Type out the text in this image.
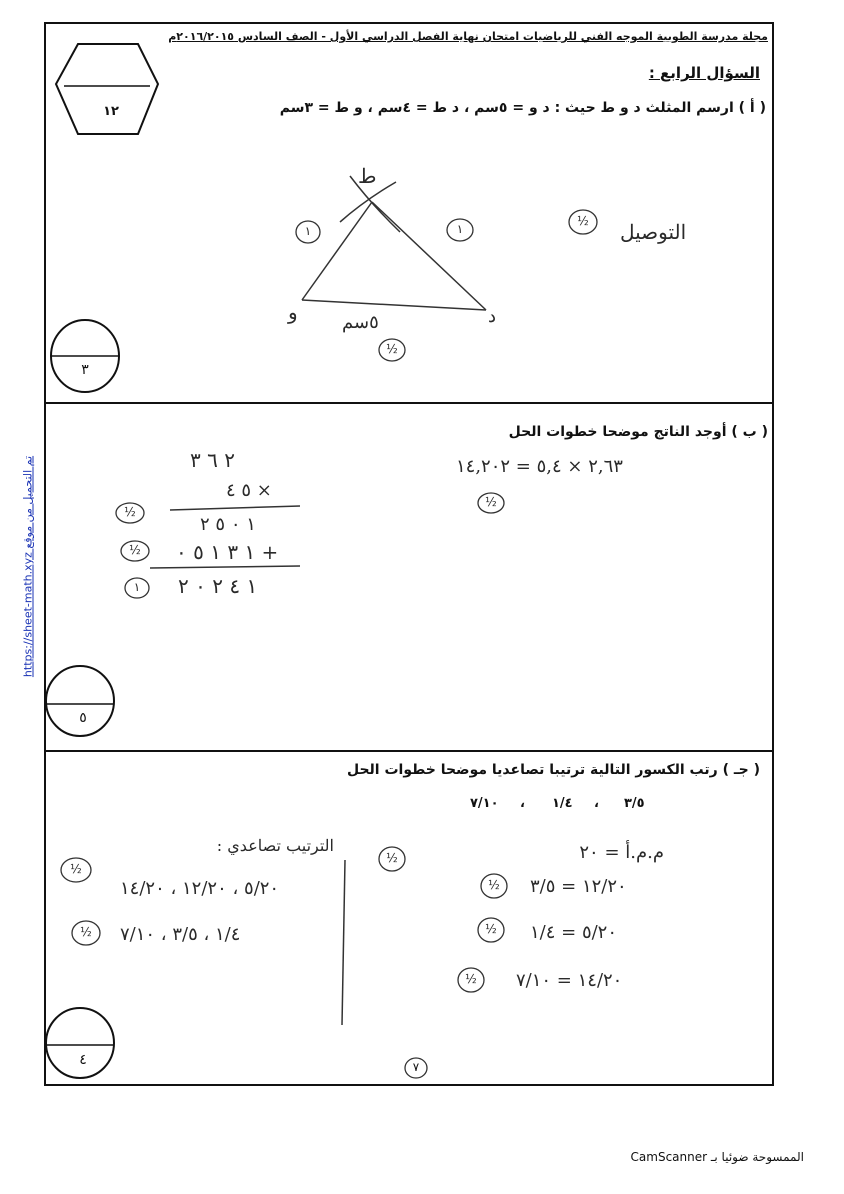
مجلة مدرسة الطوبية الموجه الفني للرياضيات امتحان نهاية الفصل الدراسي الأول - الصف السادس ٢٠١٦/٢٠١٥م
١٢
السؤال الرابع :
( أ ) ارسم المثلث د و ط حيث : د و = ٥سم ، د ط = ٤سم ، و ط = ٣سم
ط
و	د
٥سم
١	١
½
½
التوصيل
٣
( ب ) أوجد الناتج موضحا خطوات الحل
٢,٦٣ × ٥,٤ = ١٤,٢٠٢
٢ ٦ ٣
٥ ٤ ×
١ ٠ ٥ ٢
١ ٣ ١ ٥ ٠ +
١ ٤ ٢ ٠ ٢
½
½
١
½
٥
( جـ ) رتب الكسور التالية ترتيبا تصاعديا موضحا خطوات الحل
٧/١٠ ، ١/٤ ، ٣/٥
م.م.أ = ٢٠
١٢/٢٠ = ٣/٥
٥/٢٠ = ١/٤
١٤/٢٠ = ٧/١٠
الترتيب تصاعدي :
٥/٢٠ ، ١٢/٢٠ ، ١٤/٢٠
١/٤ ، ٣/٥ ، ٧/١٠
½
½
½
½	½
½
٤	٧
https://sheet-math.xyz تم التحميل من موقع
الممسوحة ضوئيا بـ CamScanner
